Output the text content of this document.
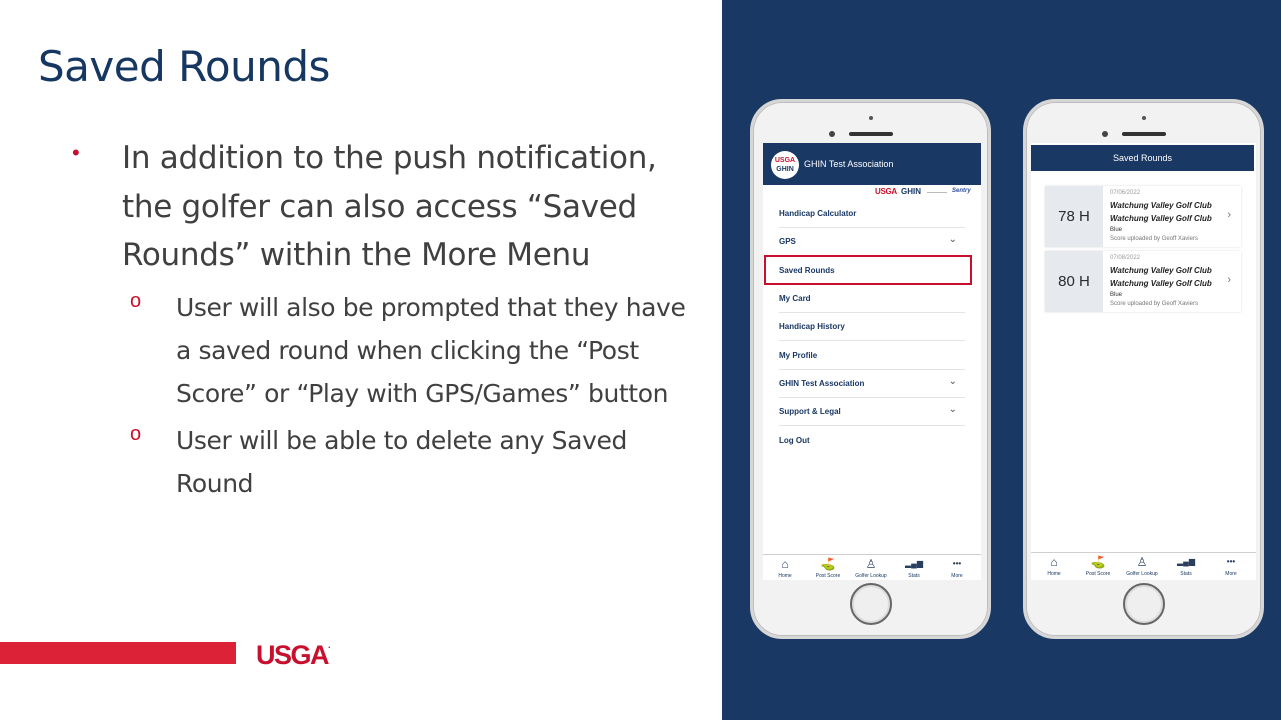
Saved Rounds
• In addition to the push notification, the golfer can also access “Saved Rounds” within the More Menu
o User will also be prompted that they have a saved round when clicking the “Post Score” or “Play with GPS/Games” button
o User will be able to delete any Saved Round
USGA.
USGA
GHIN
GHIN Test Association
USGA GHIN	Sentry
Handicap Calculator
GPS	⌄
Saved Rounds
My Card
Handicap History
My Profile
GHIN Test Association	⌄
Support & Legal	⌄
Log Out
⌂
Home
⛳
Post Score
♙
Golfer Lookup
▂▄▆
Stats
•••
More
Saved Rounds
78 H
07/06/2022
Watchung Valley Golf Club
Watchung Valley Golf Club
Blue
Score uploaded by Geoff Xaviers
›
80 H
07/08/2022
Watchung Valley Golf Club
Watchung Valley Golf Club
Blue
Score uploaded by Geoff Xaviers
›
⌂
Home
⛳
Post Score
♙
Golfer Lookup
▂▄▆
Stats
•••
More
